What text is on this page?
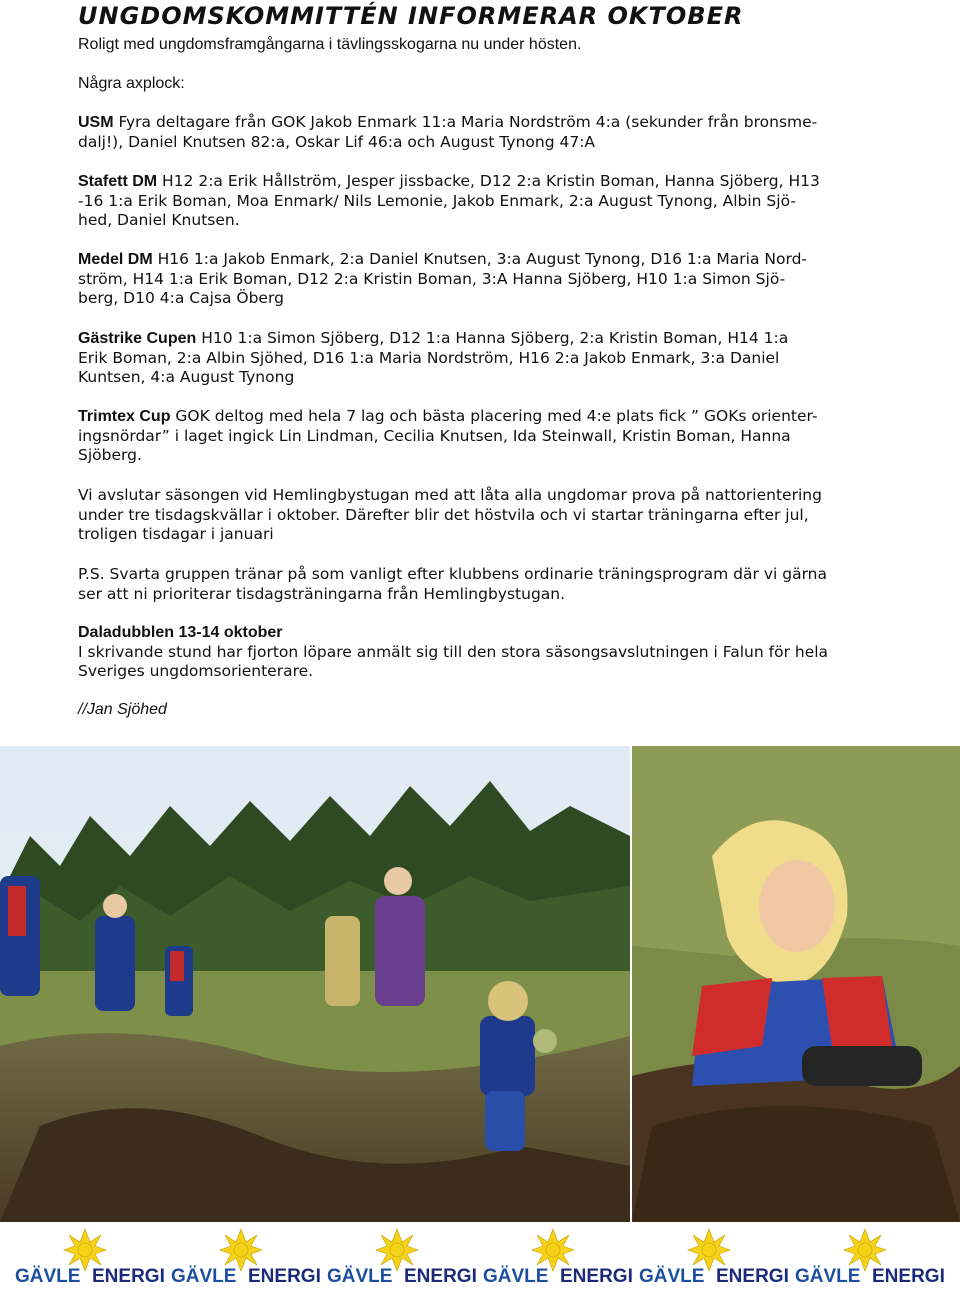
UNGDOMSKOMMITTÉN INFORMERAR OKTOBER
Roligt med ungdomsframgångarna i tävlingsskogarna nu under hösten.
Några axplock:
USM Fyra deltagare från GOK Jakob Enmark 11:a Maria Nordström 4:a (sekunder från bronsme-
dalj!), Daniel Knutsen 82:a, Oskar Lif 46:a och August Tynong 47:A
Stafett DM H12 2:a Erik Hållström, Jesper jissbacke, D12 2:a Kristin Boman, Hanna Sjöberg, H13
-16 1:a Erik Boman, Moa Enmark/ Nils Lemonie, Jakob Enmark, 2:a August Tynong, Albin Sjö-
hed, Daniel Knutsen.
Medel DM H16 1:a Jakob Enmark, 2:a Daniel Knutsen, 3:a August Tynong, D16 1:a Maria Nord-
ström, H14 1:a Erik Boman, D12 2:a Kristin Boman, 3:A Hanna Sjöberg, H10 1:a Simon Sjö-
berg, D10 4:a Cajsa Öberg
Gästrike Cupen H10 1:a Simon Sjöberg, D12 1:a Hanna Sjöberg, 2:a Kristin Boman, H14 1:a
Erik Boman, 2:a Albin Sjöhed, D16 1:a Maria Nordström, H16 2:a Jakob Enmark, 3:a Daniel
Kuntsen, 4:a August Tynong
Trimtex Cup GOK deltog med hela 7 lag och bästa placering med 4:e plats fick ” GOKs orienter-
ingsnördar” i laget ingick Lin Lindman, Cecilia Knutsen, Ida Steinwall, Kristin Boman, Hanna
Sjöberg.
Vi avslutar säsongen vid Hemlingbystugan med att låta alla ungdomar prova på nattorientering
under tre tisdagskvällar i oktober. Därefter blir det höstvila och vi startar träningarna efter jul,
troligen tisdagar i januari
P.S. Svarta gruppen tränar på som vanligt efter klubbens ordinarie träningsprogram där vi gärna
ser att ni prioriterar tisdagsträningarna från Hemlingbystugan.
Daladubblen 13-14 oktober
I skrivande stund har fjorton löpare anmält sig till den stora säsongsavslutningen i Falun för hela
Sveriges ungdomsorienterare.
//Jan Sjöhed
GÄVLE ENERGI GÄVLE ENERGI GÄVLE ENERGI GÄVLE ENERGI GÄVLE ENERGI GÄVLE ENERGI
